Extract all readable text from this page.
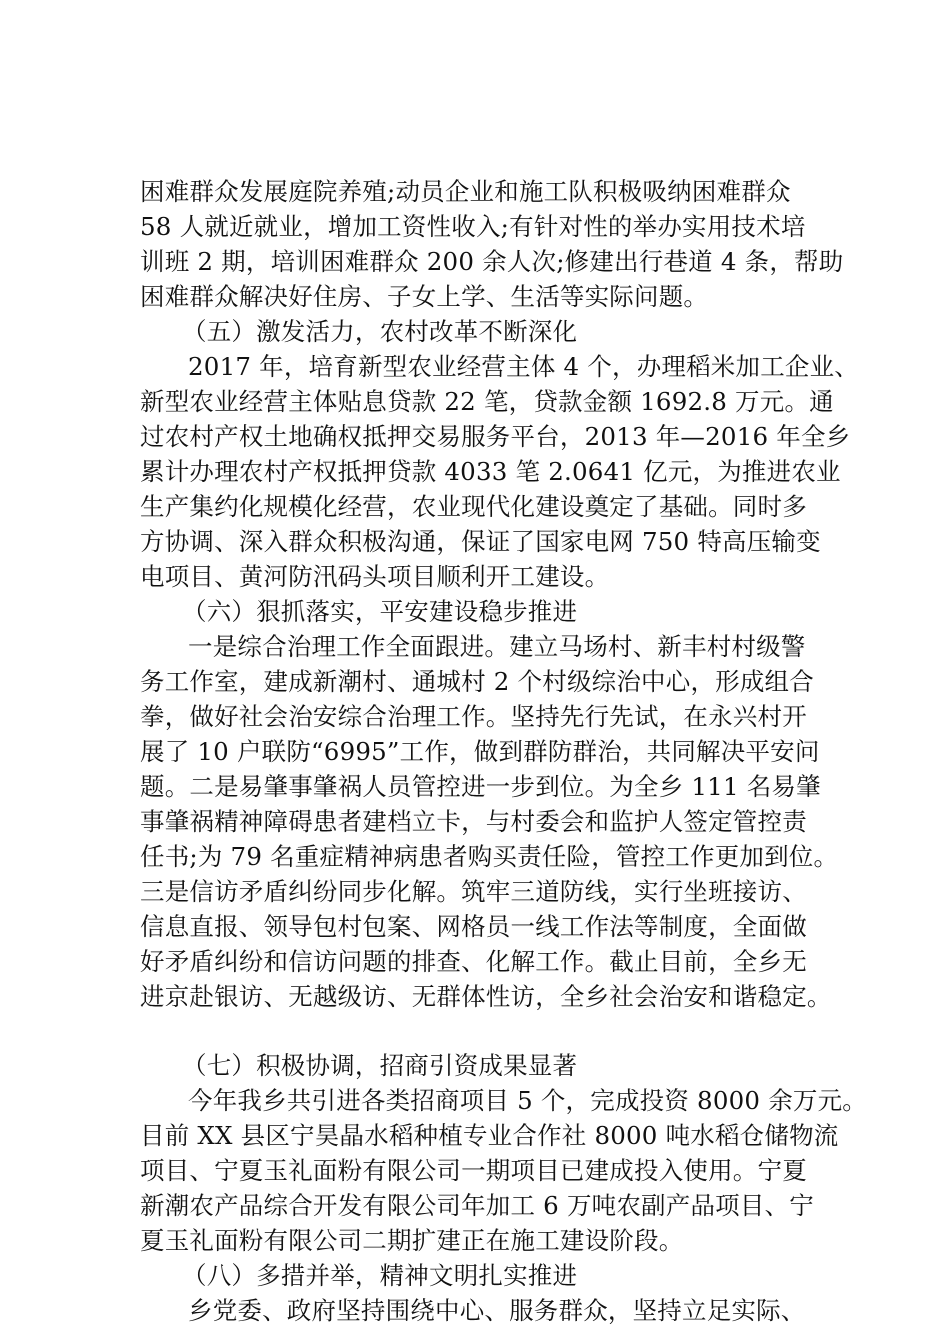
困难群众发展庭院养殖;动员企业和施工队积极吸纳困难群众
58 人就近就业，增加工资性收入;有针对性的举办实用技术培
训班 2 期，培训困难群众 200 余人次;修建出行巷道 4 条，帮助
困难群众解决好住房、子女上学、生活等实际问题。
（五）激发活力，农村改革不断深化
2017 年，培育新型农业经营主体 4 个，办理稻米加工企业、
新型农业经营主体贴息贷款 22 笔，贷款金额 1692.8 万元。通
过农村产权土地确权抵押交易服务平台，2013 年—2016 年全乡
累计办理农村产权抵押贷款 4033 笔 2.0641 亿元，为推进农业
生产集约化规模化经营，农业现代化建设奠定了基础。同时多
方协调、深入群众积极沟通，保证了国家电网 750 特高压输变
电项目、黄河防汛码头项目顺利开工建设。
（六）狠抓落实，平安建设稳步推进
一是综合治理工作全面跟进。建立马场村、新丰村村级警
务工作室，建成新潮村、通城村 2 个村级综治中心，形成组合
拳，做好社会治安综合治理工作。坚持先行先试，在永兴村开
展了 10 户联防“6995”工作，做到群防群治，共同解决平安问
题。二是易肇事肇祸人员管控进一步到位。为全乡 111 名易肇
事肇祸精神障碍患者建档立卡，与村委会和监护人签定管控责
任书;为 79 名重症精神病患者购买责任险，管控工作更加到位。
三是信访矛盾纠纷同步化解。筑牢三道防线，实行坐班接访、
信息直报、领导包村包案、网格员一线工作法等制度，全面做
好矛盾纠纷和信访问题的排查、化解工作。截止目前，全乡无
进京赴银访、无越级访、无群体性访，全乡社会治安和谐稳定。
（七）积极协调，招商引资成果显著
今年我乡共引进各类招商项目 5 个，完成投资 8000 余万元。
目前 XX 县区宁昊晶水稻种植专业合作社 8000 吨水稻仓储物流
项目、宁夏玉礼面粉有限公司一期项目已建成投入使用。宁夏
新潮农产品综合开发有限公司年加工 6 万吨农副产品项目、宁
夏玉礼面粉有限公司二期扩建正在施工建设阶段。
（八）多措并举，精神文明扎实推进
乡党委、政府坚持围绕中心、服务群众，坚持立足实际、
